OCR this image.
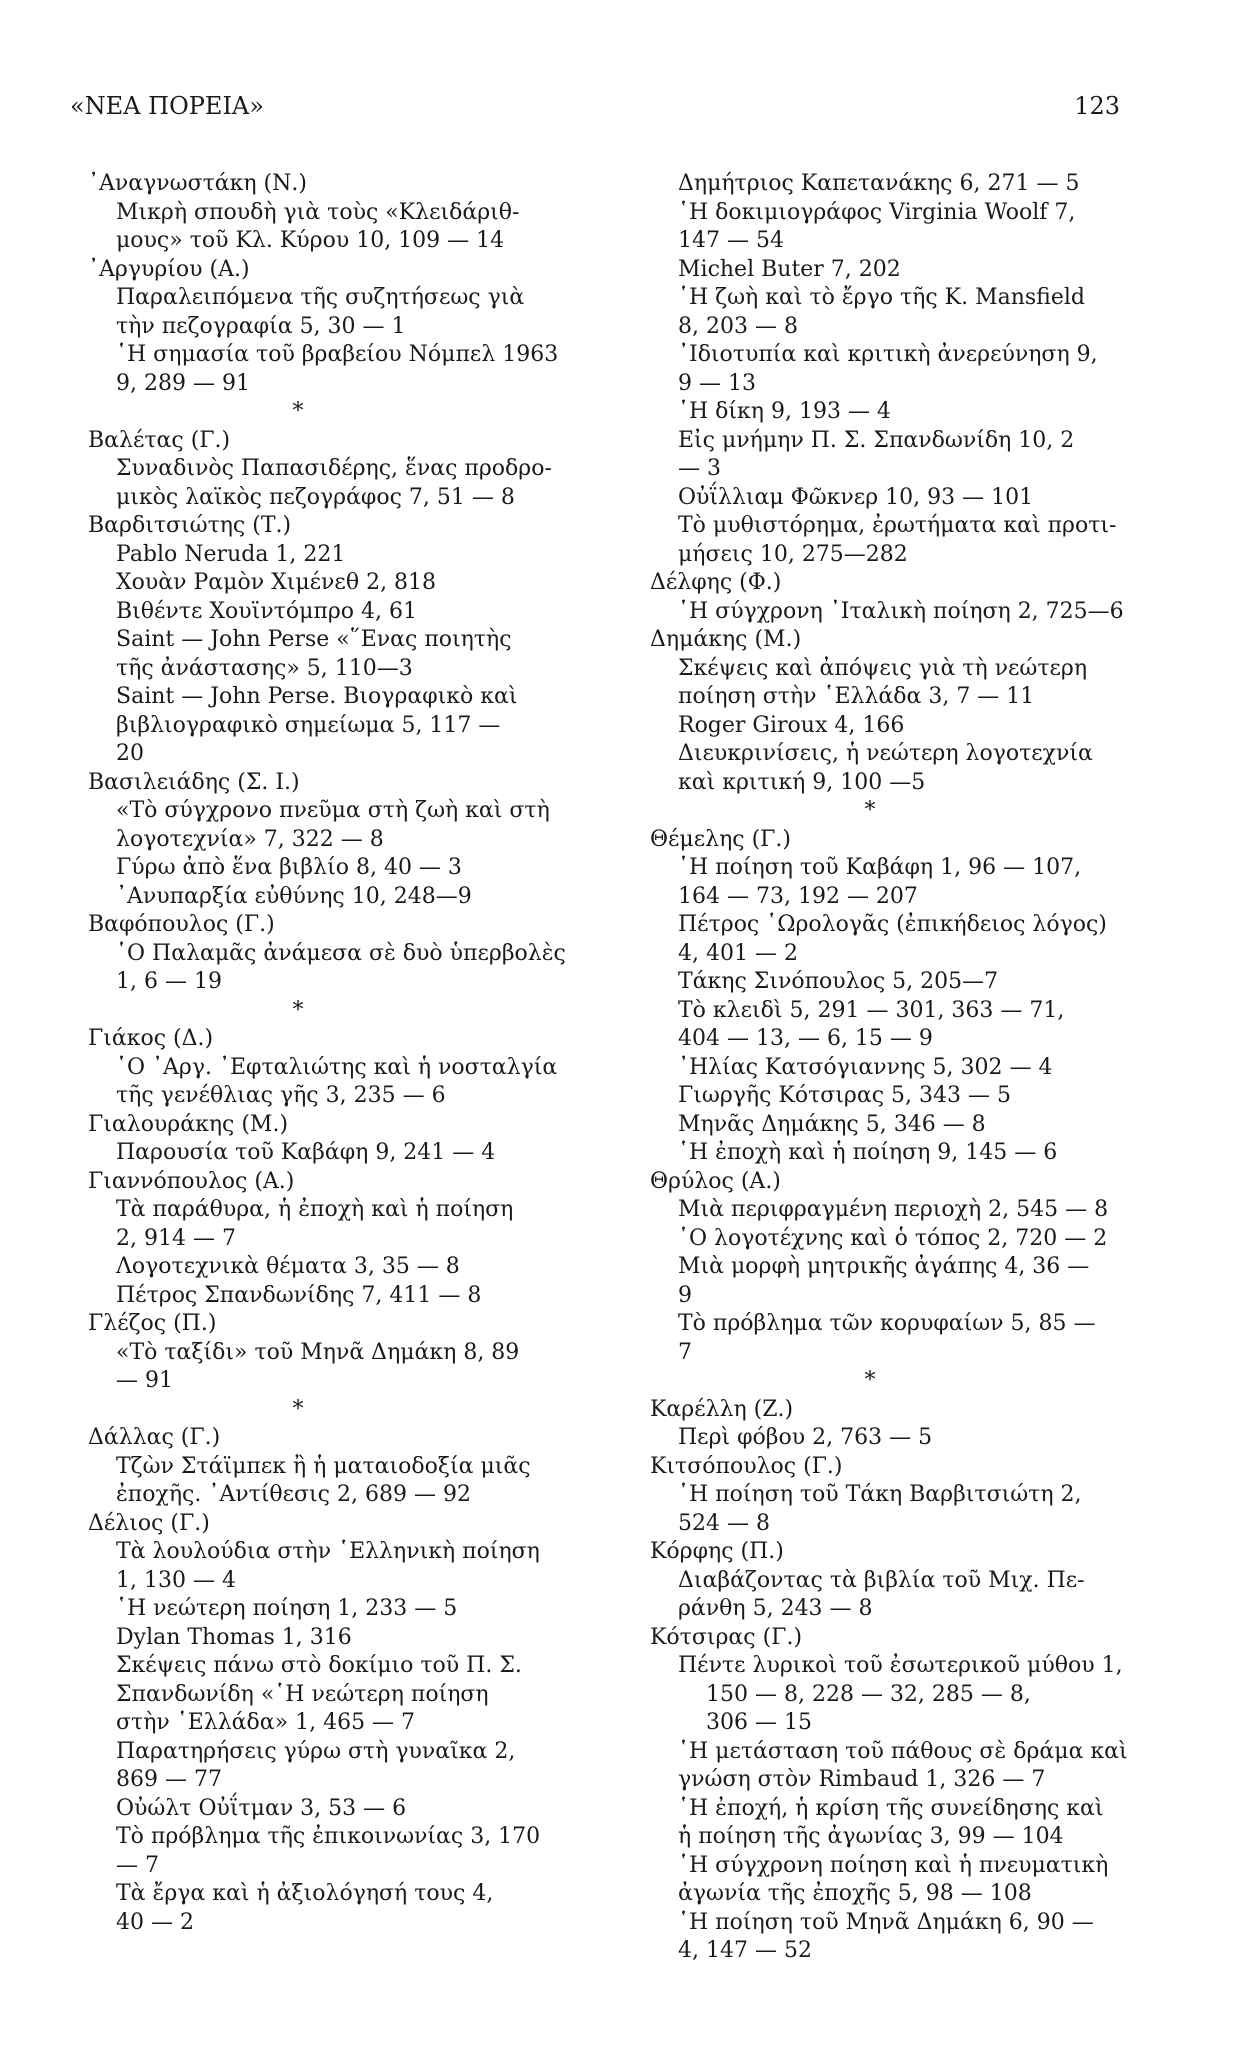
«ΝΕΑ ΠΟΡΕΙΑ»	123
᾿Αναγνωστάκη (Ν.)
Μικρὴ σπουδὴ γιὰ τοὺς «Κλειδάριθ-
μους» τοῦ Κλ. Κύρου 10, 109 — 14
᾿Αργυρίου (Α.)
Παραλειπόμενα τῆς συζητήσεως γιὰ
τὴν πεζογραφία 5, 30 — 1
῾Η σημασία τοῦ βραβείου Νόμπελ 1963
9, 289 — 91
*
Βαλέτας (Γ.)
Συναδινὸς Παπασιδέρης, ἕνας προδρο-
μικὸς λαϊκὸς πεζογράφος 7, 51 — 8
Βαρδιτσιώτης (Τ.)
Pablo Neruda 1, 221
Χουὰν Ραμὸν Χιμένεθ 2, 818
Βιθέντε Χουϊντόμπρο 4, 61
Saint — John Perse «῞Ενας ποιητὴς
τῆς ἀνάστασης» 5, 110—3
Saint — John Perse. Βιογραφικὸ καὶ
βιβλιογραφικὸ σημείωμα 5, 117 —
20
Βασιλειάδης (Σ. Ι.)
«Τὸ σύγχρονο πνεῦμα στὴ ζωὴ καὶ στὴ
λογοτεχνία» 7, 322 — 8
Γύρω ἀπὸ ἕνα βιβλίο 8, 40 — 3
᾿Ανυπαρξία εὐθύνης 10, 248—9
Βαφόπουλος (Γ.)
῾Ο Παλαμᾶς ἀνάμεσα σὲ δυὸ ὑπερβολὲς
1, 6 — 19
*
Γιάκος (Δ.)
῾Ο ᾿Αργ. ᾿Εφταλιώτης καὶ ἡ νοσταλγία
τῆς γενέθλιας γῆς 3, 235 — 6
Γιαλουράκης (Μ.)
Παρουσία τοῦ Καβάφη 9, 241 — 4
Γιαννόπουλος (Α.)
Τὰ παράθυρα, ἡ ἐποχὴ καὶ ἡ ποίηση
2, 914 — 7
Λογοτεχνικὰ θέματα 3, 35 — 8
Πέτρος Σπανδωνίδης 7, 411 — 8
Γλέζος (Π.)
«Τὸ ταξίδι» τοῦ Μηνᾶ Δημάκη 8, 89
— 91
*
Δάλλας (Γ.)
Τζὼν Στάϊμπεκ ἢ ἡ ματαιοδοξία μιᾶς
ἐποχῆς. ᾿Αντίθεσις 2, 689 — 92
Δέλιος (Γ.)
Τὰ λουλούδια στὴν ῾Ελληνικὴ ποίηση
1, 130 — 4
῾Η νεώτερη ποίηση 1, 233 — 5
Dylan Thomas 1, 316
Σκέψεις πάνω στὸ δοκίμιο τοῦ Π. Σ.
Σπανδωνίδη «῾Η νεώτερη ποίηση
στὴν ῾Ελλάδα» 1, 465 — 7
Παρατηρήσεις γύρω στὴ γυναῖκα 2,
869 — 77
Οὐώλτ Οὐΐτμαν 3, 53 — 6
Τὸ πρόβλημα τῆς ἐπικοινωνίας 3, 170
— 7
Τὰ ἔργα καὶ ἡ ἀξιολόγησή τους 4,
40 — 2
Δημήτριος Καπετανάκης 6, 271 — 5
῾Η δοκιμιογράφος Virginia Woolf 7,
147 — 54
Michel Buter 7, 202
῾Η ζωὴ καὶ τὸ ἔργο τῆς Κ. Mansfield
8, 203 — 8
᾿Ιδιοτυπία καὶ κριτικὴ ἀνερεύνηση 9,
9 — 13
῾Η δίκη 9, 193 — 4
Εἰς μνήμην Π. Σ. Σπανδωνίδη 10, 2
— 3
Οὐΐλλιαμ Φῶκνερ 10, 93 — 101
Τὸ μυθιστόρημα, ἐρωτήματα καὶ προτι-
μήσεις 10, 275—282
Δέλφης (Φ.)
῾Η σύγχρονη ᾿Ιταλικὴ ποίηση 2, 725—6
Δημάκης (Μ.)
Σκέψεις καὶ ἀπόψεις γιὰ τὴ νεώτερη
ποίηση στὴν ῾Ελλάδα 3, 7 — 11
Roger Giroux 4, 166
Διευκρινίσεις, ἡ νεώτερη λογοτεχνία
καὶ κριτική 9, 100 —5
*
Θέμελης (Γ.)
῾Η ποίηση τοῦ Καβάφη 1, 96 — 107,
164 — 73, 192 — 207
Πέτρος ῾Ωρολογᾶς (ἐπικήδειος λόγος)
4, 401 — 2
Τάκης Σινόπουλος 5, 205—7
Τὸ κλειδὶ 5, 291 — 301, 363 — 71,
404 — 13, — 6, 15 — 9
᾿Ηλίας Κατσόγιαννης 5, 302 — 4
Γιωργῆς Κότσιρας 5, 343 — 5
Μηνᾶς Δημάκης 5, 346 — 8
῾Η ἐποχὴ καὶ ἡ ποίηση 9, 145 — 6
Θρύλος (Α.)
Μιὰ περιφραγμένη περιοχὴ 2, 545 — 8
῾Ο λογοτέχνης καὶ ὁ τόπος 2, 720 — 2
Μιὰ μορφὴ μητρικῆς ἀγάπης 4, 36 —
9
Τὸ πρόβλημα τῶν κορυφαίων 5, 85 —
7
*
Καρέλλη (Ζ.)
Περὶ φόβου 2, 763 — 5
Κιτσόπουλος (Γ.)
῾Η ποίηση τοῦ Τάκη Βαρβιτσιώτη 2,
524 — 8
Κόρφης (Π.)
Διαβάζοντας τὰ βιβλία τοῦ Μιχ. Πε-
ράνθη 5, 243 — 8
Κότσιρας (Γ.)
Πέντε λυρικοὶ τοῦ ἐσωτερικοῦ μύθου 1,
150 — 8, 228 — 32, 285 — 8,
306 — 15
῾Η μετάσταση τοῦ πάθους σὲ δράμα καὶ
γνώση στὸν Rimbaud 1, 326 — 7
῾Η ἐποχή, ἡ κρίση τῆς συνείδησης καὶ
ἡ ποίηση τῆς ἀγωνίας 3, 99 — 104
῾Η σύγχρονη ποίηση καὶ ἡ πνευματικὴ
ἀγωνία τῆς ἐποχῆς 5, 98 — 108
῾Η ποίηση τοῦ Μηνᾶ Δημάκη 6, 90 —
4, 147 — 52
